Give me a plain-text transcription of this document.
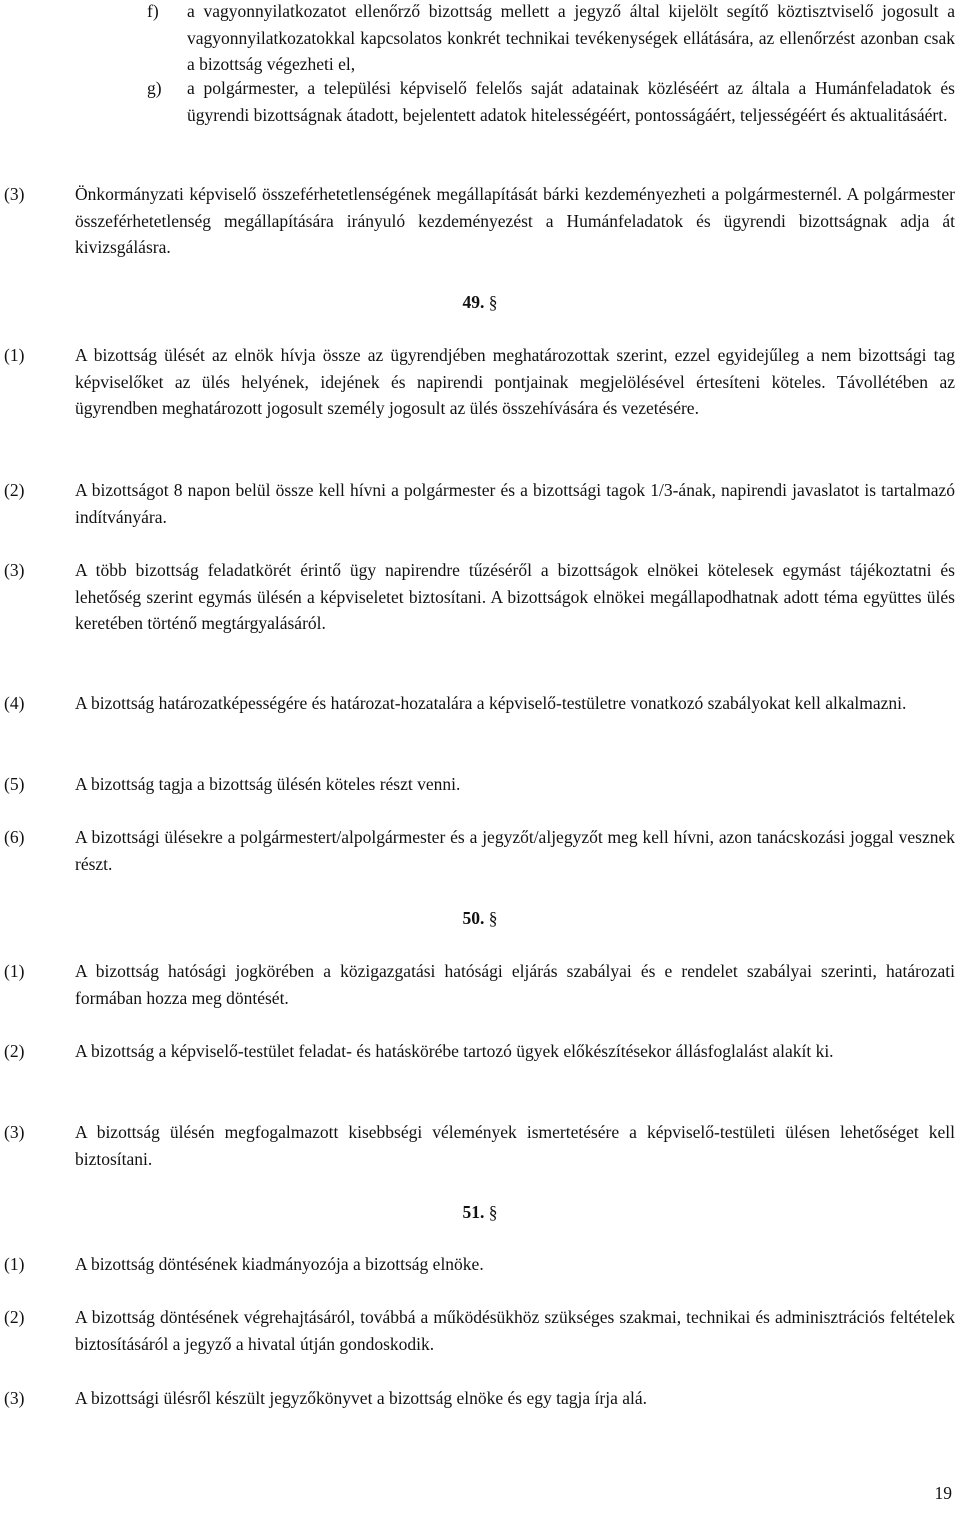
f) a vagyonnyilatkozatot ellenőrző bizottság mellett a jegyző által kijelölt segítő köztisztviselő jogosult a vagyonnyilatkozatokkal kapcsolatos konkrét technikai tevékenységek ellátására, az ellenőrzést azonban csak a bizottság végezheti el,
g) a polgármester, a települési képviselő felelős saját adatainak közléséért az általa a Humánfeladatok és ügyrendi bizottságnak átadott, bejelentett adatok hitelességéért, pontosságáért, teljességéért és aktualitásáért.
(3)	Önkormányzati képviselő összeférhetetlenségének megállapítását bárki kezdeményezheti a polgármesternél. A polgármester összeférhetetlenség megállapítására irányuló kezdeményezést a Humánfeladatok és ügyrendi bizottságnak adja át kivizsgálásra.
49. §
(1)	A bizottság ülését az elnök hívja össze az ügyrendjében meghatározottak szerint, ezzel egyidejűleg a nem bizottsági tag képviselőket az ülés helyének, idejének és napirendi pontjainak megjelölésével értesíteni köteles. Távollétében az ügyrendben meghatározott jogosult személy jogosult az ülés összehívására és vezetésére.
(2)	A bizottságot 8 napon belül össze kell hívni a polgármester és a bizottsági tagok 1/3-ának, napirendi javaslatot is tartalmazó indítványára.
(3)	A több bizottság feladatkörét érintő ügy napirendre tűzéséről a bizottságok elnökei kötelesek egymást tájékoztatni és lehetőség szerint egymás ülésén a képviseletet biztosítani. A bizottságok elnökei megállapodhatnak adott téma együttes ülés keretében történő megtárgyalásáról.
(4)	A bizottság határozatképességére és határozat-hozatalára a képviselő-testületre vonatkozó szabályokat kell alkalmazni.
(5)	A bizottság tagja a bizottság ülésén köteles részt venni.
(6)	A bizottsági ülésekre a polgármestert/alpolgármester és a jegyzőt/aljegyzőt meg kell hívni, azon tanácskozási joggal vesznek részt.
50. §
(1)	A bizottság hatósági jogkörében a közigazgatási hatósági eljárás szabályai és e rendelet szabályai szerinti, határozati formában hozza meg döntését.
(2)	A bizottság a képviselő-testület feladat- és hatáskörébe tartozó ügyek előkészítésekor állásfoglalást alakít ki.
(3)	A bizottság ülésén megfogalmazott kisebbségi vélemények ismertetésére a képviselő-testületi ülésen lehetőséget kell biztosítani.
51. §
(1)	A bizottság döntésének kiadmányozója a bizottság elnöke.
(2)	A bizottság döntésének végrehajtásáról, továbbá a működésükhöz szükséges szakmai, technikai és adminisztrációs feltételek biztosításáról a jegyző a hivatal útján gondoskodik.
(3)	A bizottsági ülésről készült jegyzőkönyvet a bizottság elnöke és egy tagja írja alá.
19
